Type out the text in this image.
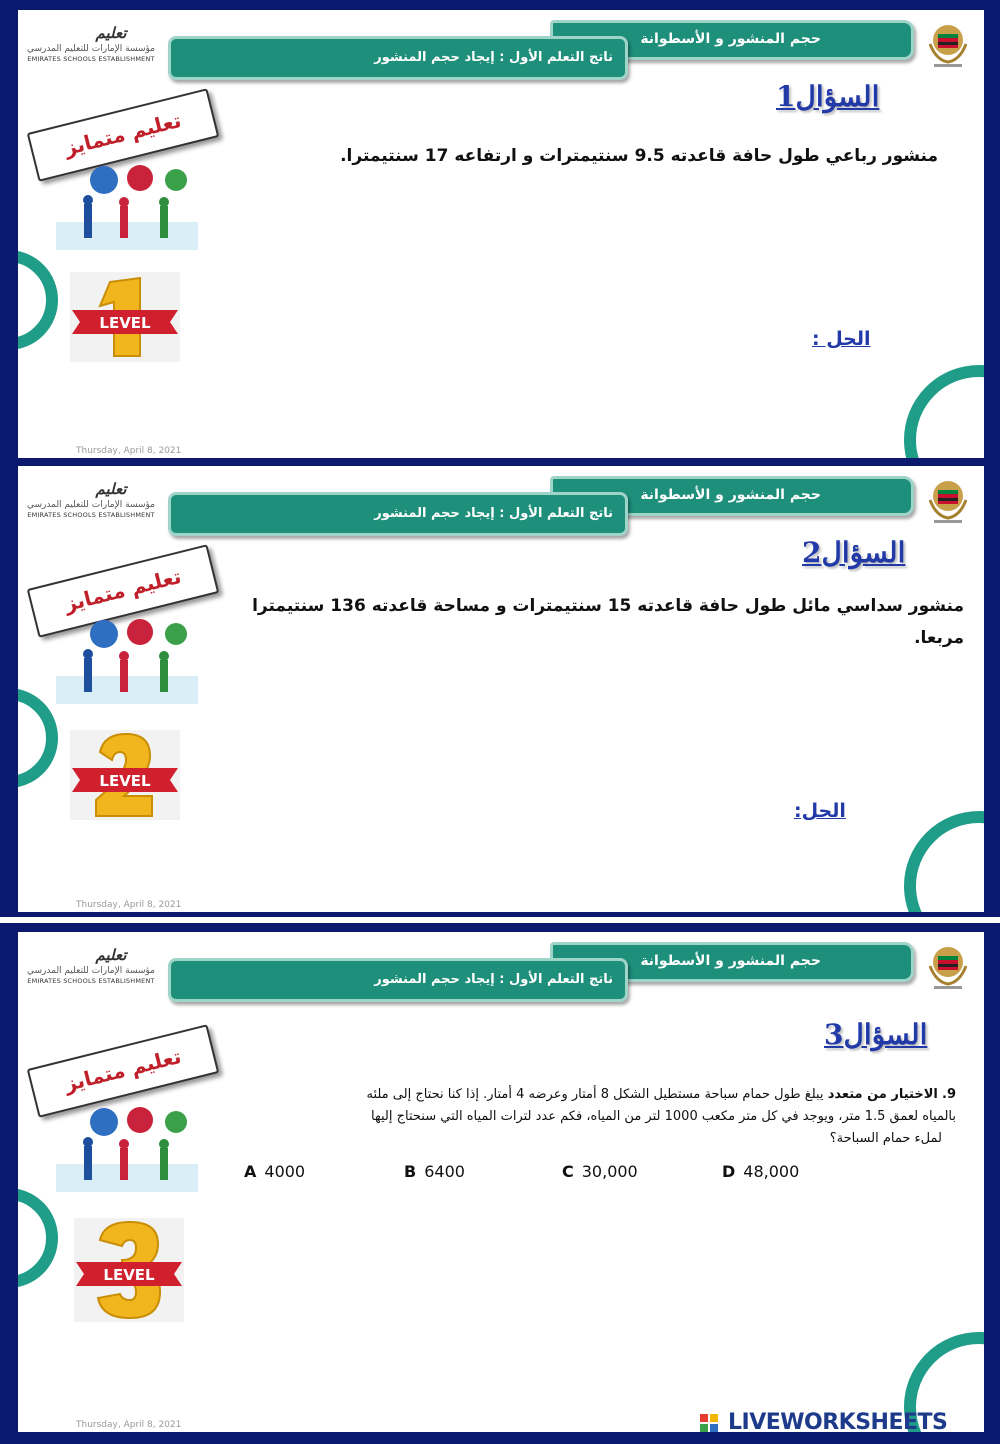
تعليم
مؤسسة الإمارات للتعليم المدرسي
EMIRATES SCHOOLS ESTABLISHMENT
حجم المنشور و الأسطوانة
ناتج التعلم الأول : إيجاد حجم المنشور
تعليم متمايز
LEVEL
السؤال1
منشور رباعي طول حافة قاعدته 9.5 سنتيمترات و ارتفاعه 17 سنتيمترا.
الحل :
Thursday, April 8, 2021
تعليم
مؤسسة الإمارات للتعليم المدرسي
EMIRATES SCHOOLS ESTABLISHMENT
حجم المنشور و الأسطوانة
ناتج التعلم الأول : إيجاد حجم المنشور
تعليم متمايز
LEVEL
السؤال2
منشور سداسي مائل طول حافة قاعدته 15 سنتيمترات و مساحة قاعدته 136 سنتيمترا مربعا.
الحل:
Thursday, April 8, 2021
تعليم
مؤسسة الإمارات للتعليم المدرسي
EMIRATES SCHOOLS ESTABLISHMENT
حجم المنشور و الأسطوانة
ناتج التعلم الأول : إيجاد حجم المنشور
تعليم متمايز
LEVEL
السؤال3
9. الاختيار من متعدد يبلغ طول حمام سباحة مستطيل الشكل 8 أمتار وعرضه 4 أمتار. إذا كنا نحتاج إلى ملئه
بالمياه لعمق 1.5 متر، ويوجد في كل متر مكعب 1000 لتر من المياه، فكم عدد لترات المياه التي سنحتاج إليها
لملء حمام السباحة؟
A 4000	B 6400	C 30,000	D 48,000
Thursday, April 8, 2021	LIVEWORKSHEETS
